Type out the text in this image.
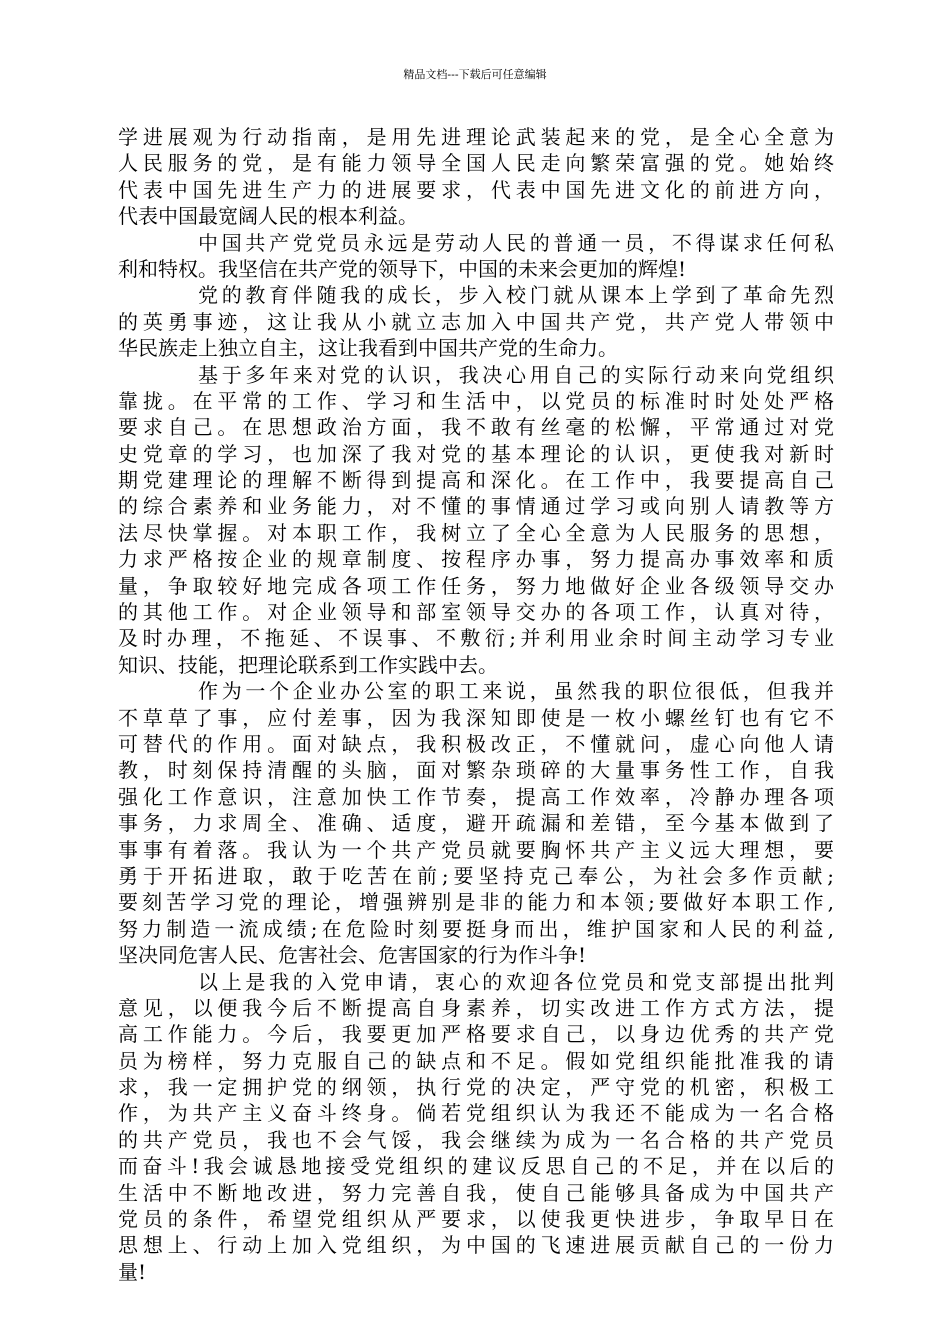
精品文档---下载后可任意编辑
学进展观为行动指南，是用先进理论武装起来的党，是全心全意为
人民服务的党，是有能力领导全国人民走向繁荣富强的党。她始终
代表中国先进生产力的进展要求，代表中国先进文化的前进方向，
代表中国最宽阔人民的根本利益。
中国共产党党员永远是劳动人民的普通一员，不得谋求任何私
利和特权。我坚信在共产党的领导下，中国的未来会更加的辉煌!
党的教育伴随我的成长，步入校门就从课本上学到了革命先烈
的英勇事迹，这让我从小就立志加入中国共产党，共产党人带领中
华民族走上独立自主，这让我看到中国共产党的生命力。
基于多年来对党的认识，我决心用自己的实际行动来向党组织
靠拢。在平常的工作、学习和生活中，以党员的标准时时处处严格
要求自己。在思想政治方面，我不敢有丝毫的松懈，平常通过对党
史党章的学习，也加深了我对党的基本理论的认识，更使我对新时
期党建理论的理解不断得到提高和深化。在工作中，我要提高自己
的综合素养和业务能力，对不懂的事情通过学习或向别人请教等方
法尽快掌握。对本职工作，我树立了全心全意为人民服务的思想，
力求严格按企业的规章制度、按程序办事，努力提高办事效率和质
量，争取较好地完成各项工作任务，努力地做好企业各级领导交办
的其他工作。对企业领导和部室领导交办的各项工作，认真对待，
及时办理，不拖延、不误事、不敷衍;并利用业余时间主动学习专业
知识、技能，把理论联系到工作实践中去。
作为一个企业办公室的职工来说，虽然我的职位很低，但我并
不草草了事，应付差事，因为我深知即使是一枚小螺丝钉也有它不
可替代的作用。面对缺点，我积极改正，不懂就问，虚心向他人请
教，时刻保持清醒的头脑，面对繁杂琐碎的大量事务性工作，自我
强化工作意识，注意加快工作节奏，提高工作效率，冷静办理各项
事务，力求周全、准确、适度，避开疏漏和差错，至今基本做到了
事事有着落。我认为一个共产党员就要胸怀共产主义远大理想，要
勇于开拓进取，敢于吃苦在前;要坚持克己奉公，为社会多作贡献;
要刻苦学习党的理论，增强辨别是非的能力和本领;要做好本职工作,
努力制造一流成绩;在危险时刻要挺身而出，维护国家和人民的利益,
坚决同危害人民、危害社会、危害国家的行为作斗争!
以上是我的入党申请，衷心的欢迎各位党员和党支部提出批判
意见，以便我今后不断提高自身素养，切实改进工作方式方法，提
高工作能力。今后，我要更加严格要求自己，以身边优秀的共产党
员为榜样，努力克服自己的缺点和不足。假如党组织能批准我的请
求，我一定拥护党的纲领，执行党的决定，严守党的机密，积极工
作，为共产主义奋斗终身。倘若党组织认为我还不能成为一名合格
的共产党员，我也不会气馁，我会继续为成为一名合格的共产党员
而奋斗!我会诚恳地接受党组织的建议反思自己的不足，并在以后的
生活中不断地改进，努力完善自我，使自己能够具备成为中国共产
党员的条件，希望党组织从严要求，以使我更快进步，争取早日在
思想上、行动上加入党组织，为中国的飞速进展贡献自己的一份力
量!
